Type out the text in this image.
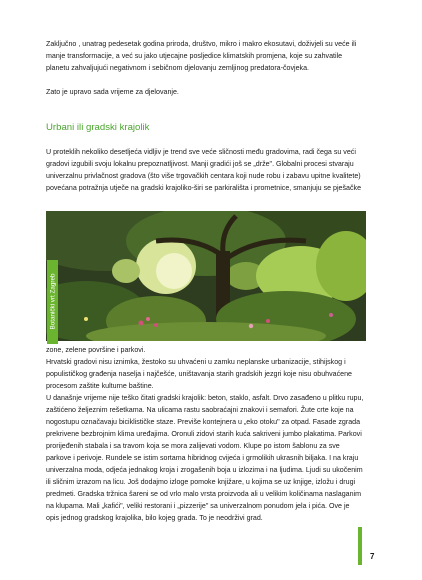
Zaključno , unatrag pedesetak godina priroda, društvo, mikro i makro ekosutavi, doživjeli su veće ili manje transformacije, a već su jako utjecajne posljedice klimatskih promjena, koje su zahvatile planetu zahvaljujući negativnom i sebičnom djelovanju zemljinog predatora-čovjeka.

Zato je upravo sada vrijeme za djelovanje.

Urbani ili gradski krajolik

U proteklih nekoliko desetljeća vidljiv je trend sve veće sličnosti među gradovima, radi čega su veći gradovi izgubili svoju lokalnu prepoznatljivost. Manji gradići još se „drže". Globalni procesi stvaraju univerzalnu privlačnost gradova (što više trgovačkih centara koji nude robu i zabavu upitne kvalitete) povećana potražnja utječe na gradski krajoliko-širi se parkirališta i prometnice, smanjuju se pješačke

Botanički vrt Zagreb

zone, zelene površine i parkovi.

Hrvatski gradovi nisu iznimka, žestoko su uhvaćeni u zamku neplanske urbanizacije, stihijskog i populističkog građenja naselja i najčešće, uništavanja starih gradskih jezgri koje nisu obuhvaćene procesom zaštite kulturne baštine.

U današnje vrijeme nije teško čitati gradski krajolik: beton, staklo, asfalt. Drvo zasađeno u plitku rupu, zaštićeno željeznim rešetkama. Na ulicama rastu saobraćajni znakovi i semafori. Žute crte koje na nogostupu označavaju biciklističke staze. Previše kontejnera u „eko otoku" za otpad. Fasade zgrada prekrivene bezbrojnim klima uređajima. Oronuli zidovi starih kuća sakriveni jumbo plakatima. Parkovi prorijeđenih stabala i sa travom koja se mora zalijevati vodom. Klupe po istom šablonu za sve parkove i perivoje. Rundele se istim sortama hibridnog cvijeća i grmolikih ukrasnih biljaka. I na kraju univerzalna moda, odjeća jednakog kroja i zrogašenih boja u izlozima i na ljudima. Ljudi su ukočenim ili sličnim izrazom na licu. Još dodajmo izloge pomoke knjižare, u kojima se uz knjige, izložu i drugi predmeti. Gradska tržnica šareni se od vrlo malo vrsta proizvoda ali u velikim količinama naslaganim na klupama. Mali „kafići", veliki restorani i „pizzerije" sa univerzalnom ponudom jela i pića. Ove je opis jednog gradskog krajolika, bilo kojeg grada. To je neodrživi grad.

7
